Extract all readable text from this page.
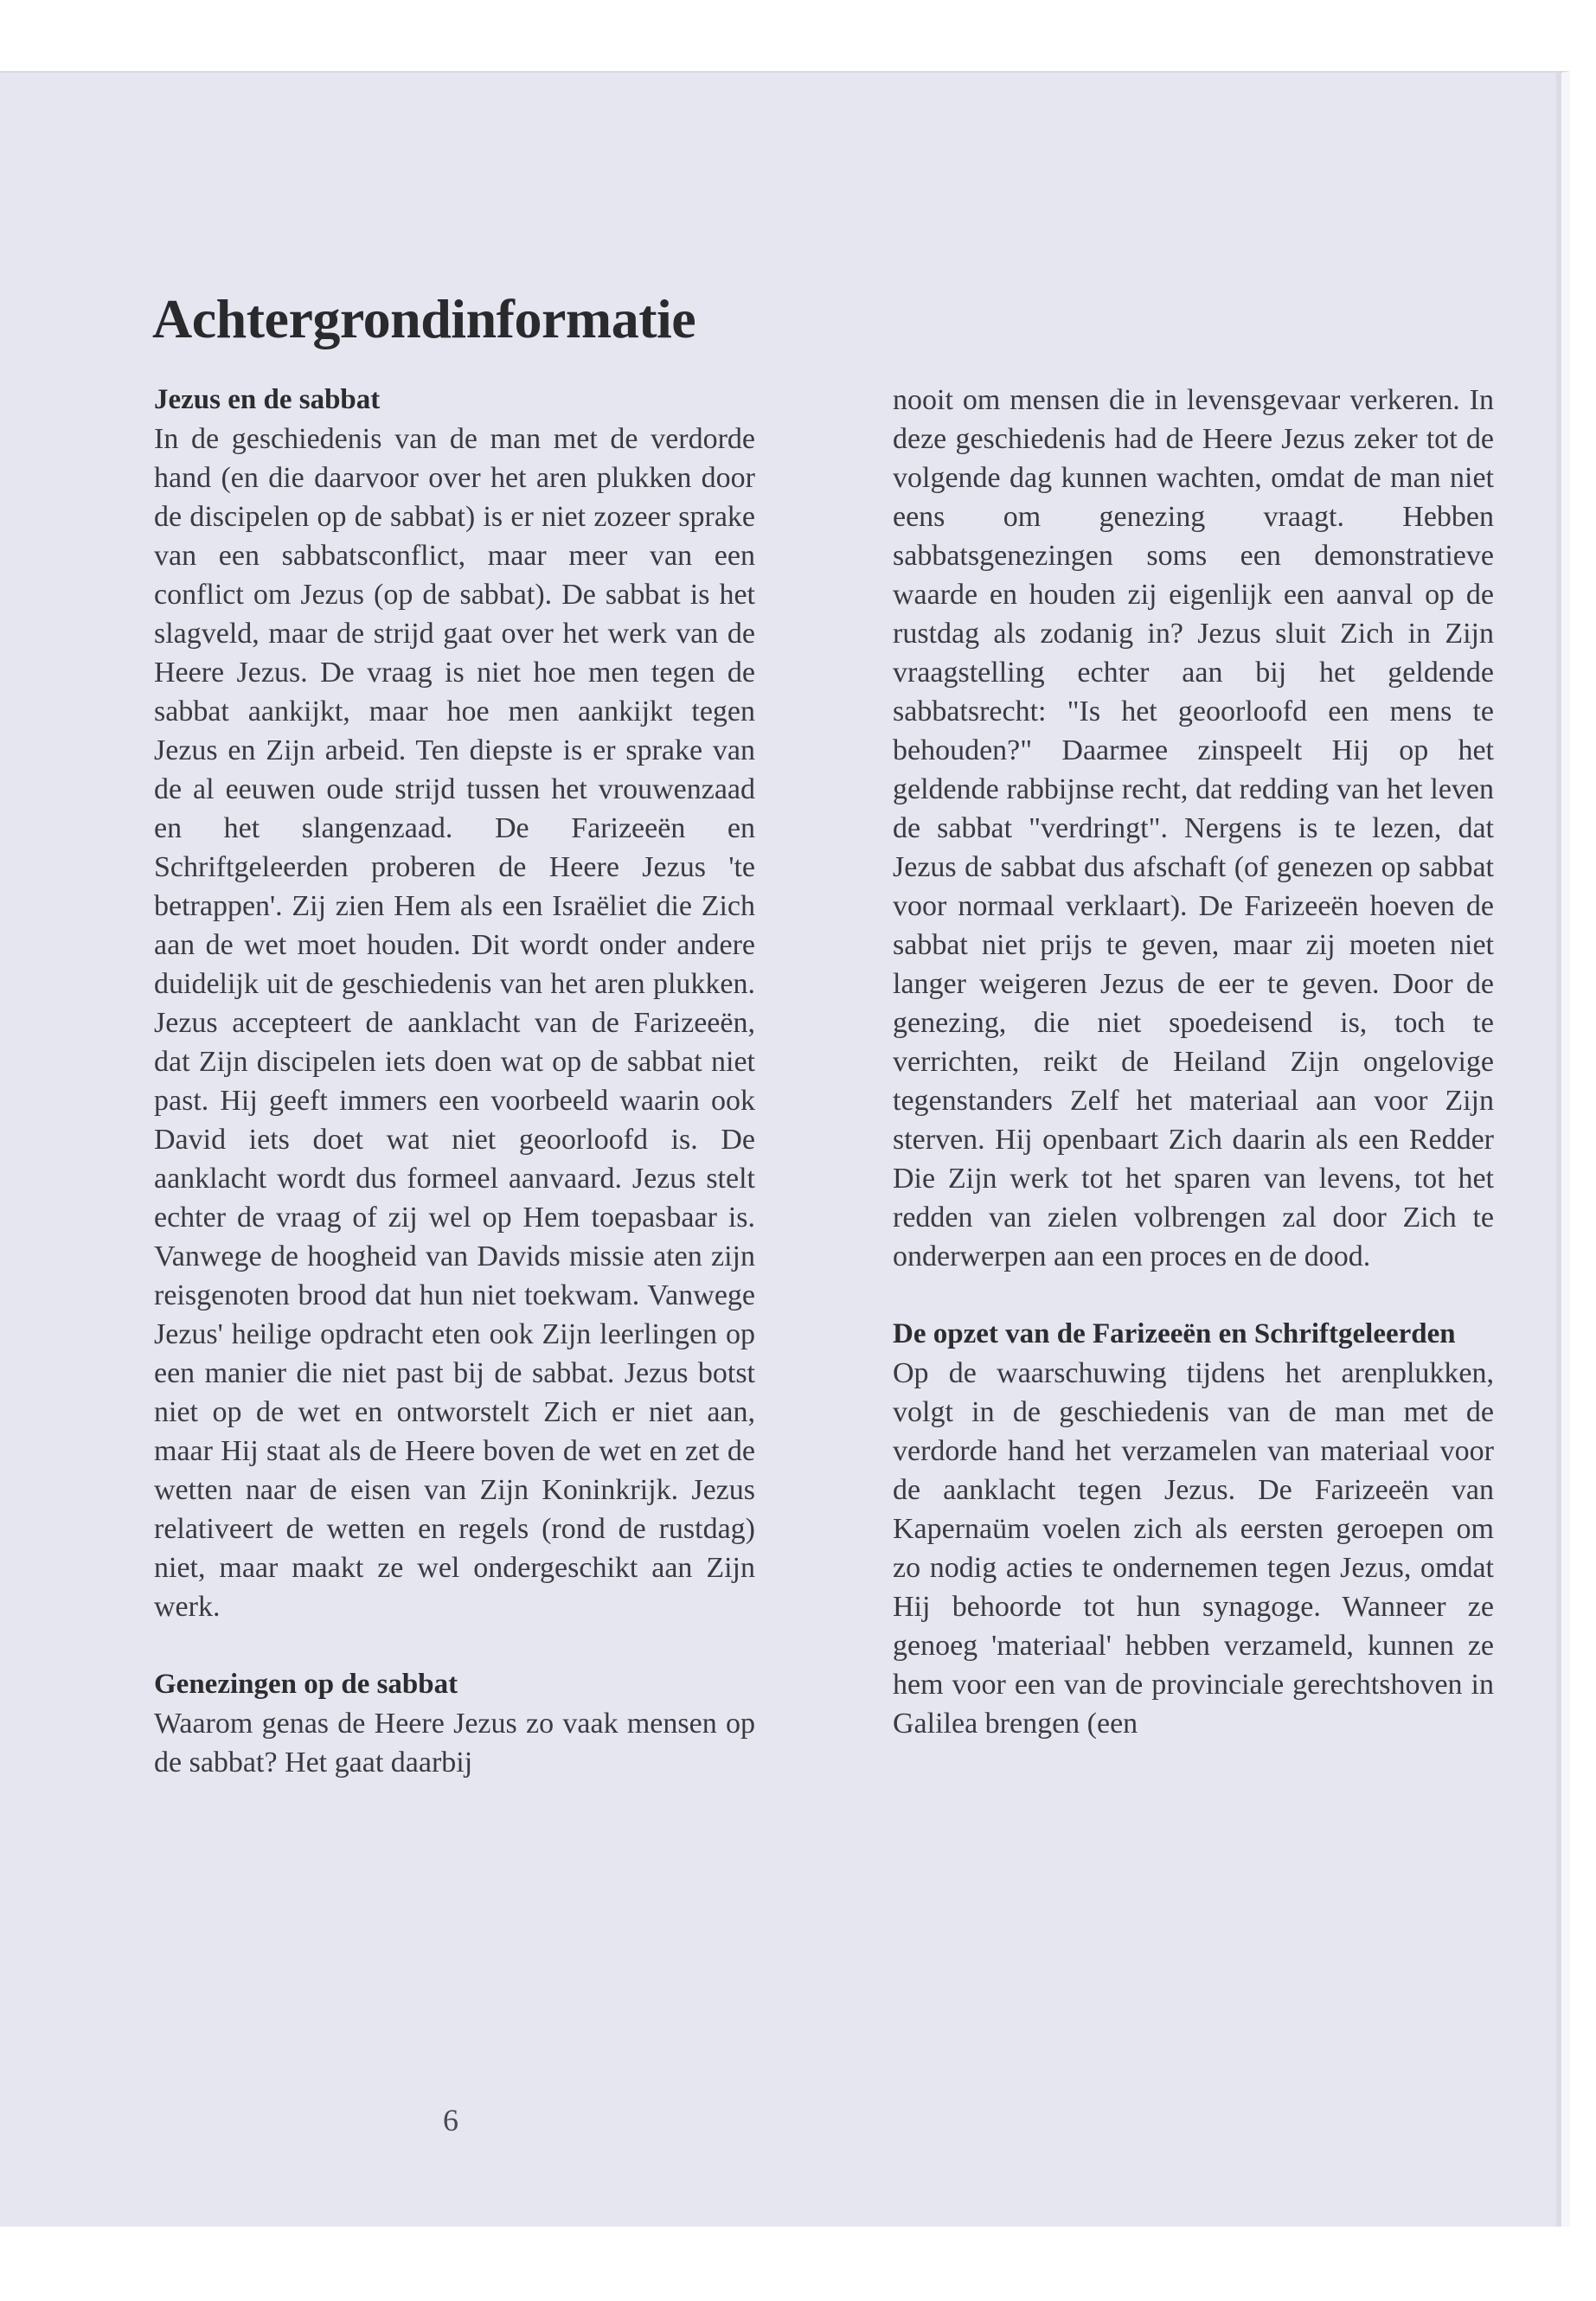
Achtergrondinformatie
Jezus en de sabbat

In de geschiedenis van de man met de verdorde hand (en die daarvoor over het aren plukken door de discipelen op de sabbat) is er niet zozeer sprake van een sabbatsconflict, maar meer van een conflict om Jezus (op de sabbat). De sabbat is het slagveld, maar de strijd gaat over het werk van de Heere Jezus. De vraag is niet hoe men tegen de sabbat aankijkt, maar hoe men aankijkt tegen Jezus en Zijn arbeid. Ten diepste is er sprake van de al eeuwen oude strijd tussen het vrouwenzaad en het slangenzaad. De Farizeeën en Schriftgeleerden proberen de Heere Jezus 'te betrappen'. Zij zien Hem als een Israëliet die Zich aan de wet moet houden. Dit wordt onder andere duidelijk uit de geschiedenis van het aren plukken. Jezus accepteert de aanklacht van de Farizeeën, dat Zijn discipelen iets doen wat op de sabbat niet past. Hij geeft immers een voorbeeld waarin ook David iets doet wat niet geoorloofd is. De aanklacht wordt dus formeel aanvaard. Jezus stelt echter de vraag of zij wel op Hem toepasbaar is. Vanwege de hoogheid van Davids missie aten zijn reisgenoten brood dat hun niet toekwam. Vanwege Jezus' heilige opdracht eten ook Zijn leerlingen op een manier die niet past bij de sabbat. Jezus botst niet op de wet en ontworstelt Zich er niet aan, maar Hij staat als de Heere boven de wet en zet de wetten naar de eisen van Zijn Koninkrijk. Jezus relativeert de wetten en regels (rond de rustdag) niet, maar maakt ze wel ondergeschikt aan Zijn werk.

Genezingen op de sabbat

Waarom genas de Heere Jezus zo vaak mensen op de sabbat? Het gaat daarbij

nooit om mensen die in levensgevaar verkeren. In deze geschiedenis had de Heere Jezus zeker tot de volgende dag kunnen wachten, omdat de man niet eens om genezing vraagt. Hebben sabbatsgenezingen soms een demonstratieve waarde en houden zij eigenlijk een aanval op de rustdag als zodanig in? Jezus sluit Zich in Zijn vraagstelling echter aan bij het geldende sabbatsrecht: "Is het geoorloofd een mens te behouden?" Daarmee zinspeelt Hij op het geldende rabbijnse recht, dat redding van het leven de sabbat "verdringt". Nergens is te lezen, dat Jezus de sabbat dus afschaft (of genezen op sabbat voor normaal verklaart). De Farizeeën hoeven de sabbat niet prijs te geven, maar zij moeten niet langer weigeren Jezus de eer te geven. Door de genezing, die niet spoedeisend is, toch te verrichten, reikt de Heiland Zijn ongelovige tegenstanders Zelf het materiaal aan voor Zijn sterven. Hij openbaart Zich daarin als een Redder Die Zijn werk tot het sparen van levens, tot het redden van zielen volbrengen zal door Zich te onderwerpen aan een proces en de dood.

De opzet van de Farizeeën en Schriftgeleerden

Op de waarschuwing tijdens het arenplukken, volgt in de geschiedenis van de man met de verdorde hand het verzamelen van materiaal voor de aanklacht tegen Jezus. De Farizeeën van Kapernaüm voelen zich als eersten geroepen om zo nodig acties te ondernemen tegen Jezus, omdat Hij behoorde tot hun synagoge. Wanneer ze genoeg 'materiaal' hebben verzameld, kunnen ze hem voor een van de provinciale gerechtshoven in Galilea brengen (een

6
